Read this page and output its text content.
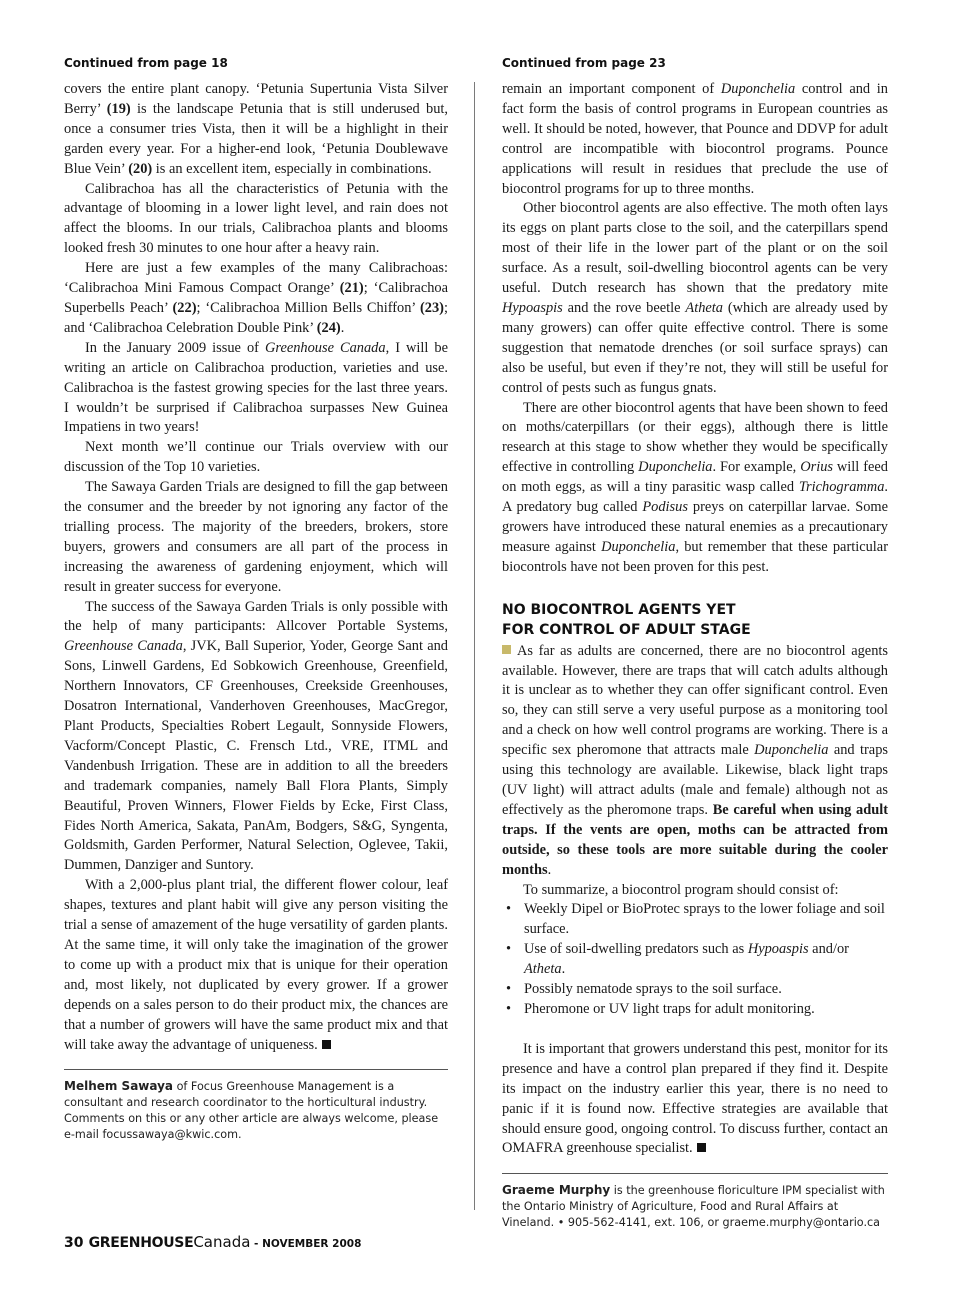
Continued from page 18

covers the entire plant canopy. ‘Petunia Supertunia Vista Silver Berry’ (19) is the landscape Petunia that is still underused but, once a consumer tries Vista, then it will be a highlight in their garden every year. For a higher-end look, ‘Petunia Doublewave Blue Vein’ (20) is an excellent item, especially in combinations.

Calibrachoa has all the characteristics of Petunia with the advantage of blooming in a lower light level, and rain does not affect the blooms. In our trials, Calibrachoa plants and blooms looked fresh 30 minutes to one hour after a heavy rain.

Here are just a few examples of the many Calibrachoas: ‘Calibrachoa Mini Famous Compact Orange’ (21); ‘Calibrachoa Superbells Peach’ (22); ‘Calibrachoa Million Bells Chiffon’ (23); and ‘Calibrachoa Celebration Double Pink’ (24).

In the January 2009 issue of Greenhouse Canada, I will be writing an article on Calibrachoa production, varieties and use. Calibrachoa is the fastest growing species for the last three years. I wouldn’t be surprised if Calibrachoa surpasses New Guinea Impatiens in two years!

Next month we’ll continue our Trials overview with our discussion of the Top 10 varieties.

The Sawaya Garden Trials are designed to fill the gap between the consumer and the breeder by not ignoring any factor of the trialling process. The majority of the breeders, brokers, store buyers, growers and consumers are all part of the process in increasing the awareness of gardening enjoyment, which will result in greater success for everyone.

The success of the Sawaya Garden Trials is only possible with the help of many participants: Allcover Portable Systems, Greenhouse Canada, JVK, Ball Superior, Yoder, George Sant and Sons, Linwell Gardens, Ed Sobkowich Greenhouse, Greenfield, Northern Innovators, CF Greenhouses, Creekside Greenhouses, Dosatron International, Vanderhoven Greenhouses, MacGregor, Plant Products, Specialties Robert Legault, Sonnyside Flowers, Vacform/Concept Plastic, C. Frensch Ltd., VRE, ITML and Vandenbush Irrigation. These are in addition to all the breeders and trademark companies, namely Ball Flora Plants, Simply Beautiful, Proven Winners, Flower Fields by Ecke, First Class, Fides North America, Sakata, PanAm, Bodgers, S&G, Syngenta, Goldsmith, Garden Performer, Natural Selection, Oglevee, Takii, Dummen, Danziger and Suntory.

With a 2,000-plus plant trial, the different flower colour, leaf shapes, textures and plant habit will give any person visiting the trial a sense of amazement of the huge versatility of garden plants. At the same time, it will only take the imagination of the grower to come up with a product mix that is unique for their operation and, most likely, not duplicated by every grower. If a grower depends on a sales person to do their product mix, the chances are that a number of growers will have the same product mix and that will take away the advantage of uniqueness.

Melhem Sawaya of Focus Greenhouse Management is a consultant and research coordinator to the horticultural industry. Comments on this or any other article are always welcome, please e-mail focussawaya@kwic.com.

Continued from page 23

remain an important component of Duponchelia control and in fact form the basis of control programs in European countries as well. It should be noted, however, that Pounce and DDVP for adult control are incompatible with biocontrol programs. Pounce applications will result in residues that preclude the use of biocontrol programs for up to three months.

Other biocontrol agents are also effective. The moth often lays its eggs on plant parts close to the soil, and the caterpillars spend most of their life in the lower part of the plant or on the soil surface. As a result, soil-dwelling biocontrol agents can be very useful. Dutch research has shown that the predatory mite Hypoaspis and the rove beetle Atheta (which are already used by many growers) can offer quite effective control. There is some suggestion that nematode drenches (or soil surface sprays) can also be useful, but even if they’re not, they will still be useful for control of pests such as fungus gnats.

There are other biocontrol agents that have been shown to feed on moths/caterpillars (or their eggs), although there is little research at this stage to show whether they would be specifically effective in controlling Duponchelia. For example, Orius will feed on moth eggs, as will a tiny parasitic wasp called Trichogramma. A predatory bug called Podisus preys on caterpillar larvae. Some growers have introduced these natural enemies as a precautionary measure against Duponchelia, but remember that these particular biocontrols have not been proven for this pest.

NO BIOCONTROL AGENTS YET
FOR CONTROL OF ADULT STAGE

As far as adults are concerned, there are no biocontrol agents available. However, there are traps that will catch adults although it is unclear as to whether they can offer significant control. Even so, they can still serve a very useful purpose as a monitoring tool and a check on how well control programs are working. There is a specific sex pheromone that attracts male Duponchelia and traps using this technology are available. Likewise, black light traps (UV light) will attract adults (male and female) although not as effectively as the pheromone traps. Be careful when using adult traps. If the vents are open, moths can be attracted from outside, so these tools are more suitable during the cooler months.

To summarize, a biocontrol program should consist of:

• Weekly Dipel or BioProtec sprays to the lower foliage and soil surface.
• Use of soil-dwelling predators such as Hypoaspis and/or Atheta.
• Possibly nematode sprays to the soil surface.
• Pheromone or UV light traps for adult monitoring.

It is important that growers understand this pest, monitor for its presence and have a control plan prepared if they find it. Despite its impact on the industry earlier this year, there is no need to panic if it is found now. Effective strategies are available that should ensure good, ongoing control. To discuss further, contact an OMAFRA greenhouse specialist.

Graeme Murphy is the greenhouse floriculture IPM specialist with the Ontario Ministry of Agriculture, Food and Rural Affairs at Vineland. • 905-562-4141, ext. 106, or graeme.murphy@ontario.ca

30 GREENHOUSECanada - NOVEMBER 2008
